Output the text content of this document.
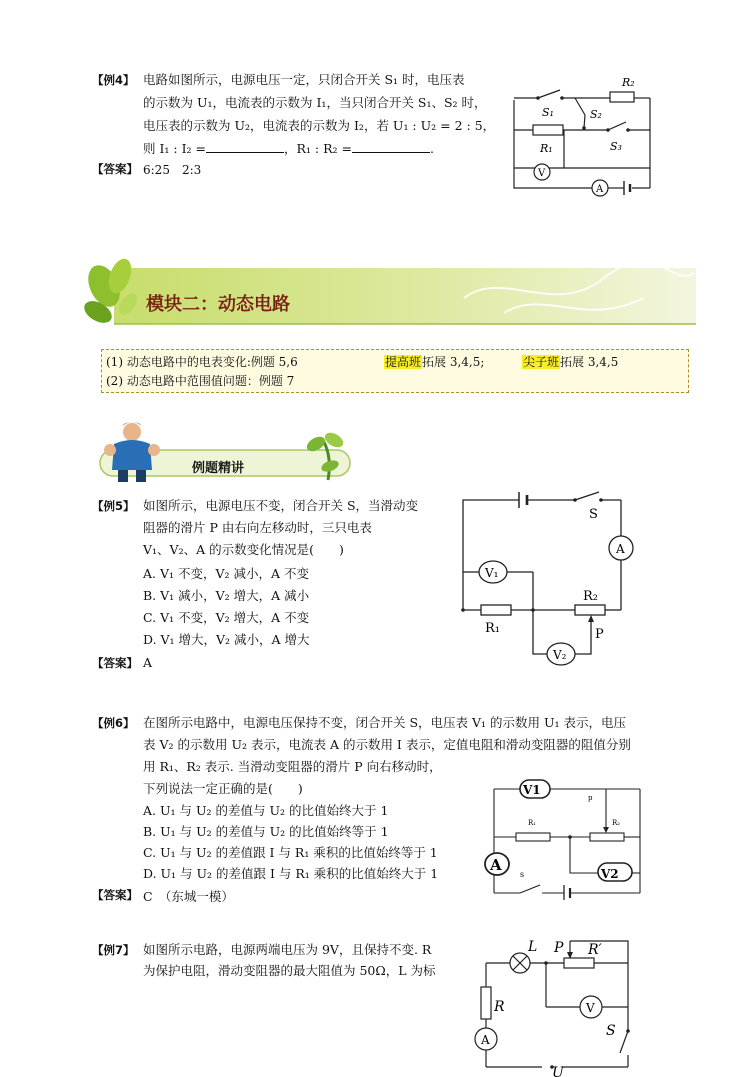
【例4】 电路如图所示，电源电压一定，只闭合开关 S₁ 时，电压表
的示数为 U₁，电流表的示数为 I₁，当只闭合开关 S₁、S₂ 时，
电压表的示数为 U₂，电流表的示数为 I₂，若 U₁ : U₂ = 2 : 5，
则 I₁ : I₂ =	，R₁ : R₂ =	.
【答案】 6:25　2:3
R₂
S₁	S₂
S₃
R₁
V
A
模块二：动态电路
(1) 动态电路中的电表变化:例题 5,6	提高班拓展 3,4,5;	尖子班拓展 3,4,5
(2) 动态电路中范围值问题：例题 7
例题精讲
【例5】 如图所示，电源电压不变，闭合开关 S，当滑动变
阻器的滑片 P 由右向左移动时，三只电表
V₁、V₂、A 的示数变化情况是(　　)
A. V₁ 不变，V₂ 减小，A 不变
B. V₁ 减小，V₂ 增大，A 减小
C. V₁ 不变，V₂ 增大，A 不变
D. V₁ 增大，V₂ 减小，A 增大
【答案】 A
S
A
V₁
R₂
R₁	P
V₂
【例6】 在图所示电路中，电源电压保持不变，闭合开关 S，电压表 V₁ 的示数用 U₁ 表示，电压
表 V₂ 的示数用 U₂ 表示，电流表 A 的示数用 I 表示，定值电阻和滑动变阻器的阻值分别
用 R₁、R₂ 表示. 当滑动变阻器的滑片 P 向右移动时，
下列说法一定正确的是(　　)
A. U₁ 与 U₂ 的差值与 U₂ 的比值始终大于 1
B. U₁ 与 U₂ 的差值与 U₂ 的比值始终等于 1
C. U₁ 与 U₂ 的差值跟 I 与 R₁ 乘积的比值始终等于 1
D. U₁ 与 U₂ 的差值跟 I 与 R₁ 乘积的比值始终大于 1
【答案】 C　（东城一模）
V1
p
R₁	R₂
A
s	V2
【例7】 如图所示电路，电源两端电压为 9V，且保持不变. R
为保护电阻，滑动变阻器的最大阻值为 50Ω，L 为标
L P R′
R	V
A
S
U
